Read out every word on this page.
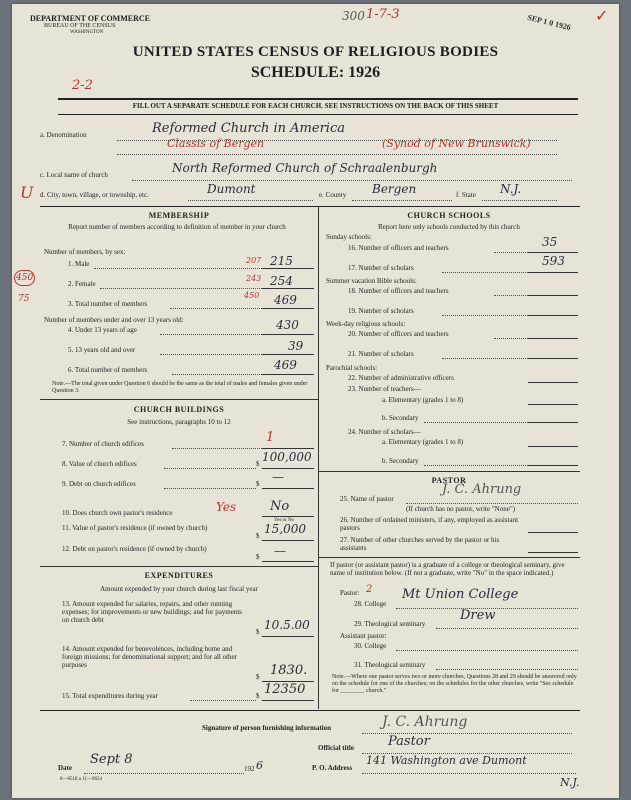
DEPARTMENT OF COMMERCE
BUREAU OF THE CENSUS
WASHINGTON
300 1-7-3	SEP 1 0 1926 ✓
UNITED STATES CENSUS OF RELIGIOUS BODIES
SCHEDULE: 1926
2-2
FILL OUT A SEPARATE SCHEDULE FOR EACH CHURCH. SEE INSTRUCTIONS ON THE BACK OF THIS SHEET
a. Denomination	Reformed Church in America
Classis of Bergen	(Synod of New Brunswick)
c. Local name of church	North Reformed Church of Schraalenburgh
U d. City, town, village, or township, etc.	Dumont	e. County Bergen	f. State N.J.
MEMBERSHIP
Report number of members according to definition of member in your church
Number of members, by sex:
450
75
1. Male	207 215
2. Female
243 254
3. Total number of members
450 469
Number of members under and over 13 years old:
4. Under 13 years of age	430
5. 13 years old and over	39
6. Total number of members	469
Note.—The total given under Question 6 should be the same as the total of males and females given under Question 3.
CHURCH BUILDINGS
See instructions, paragraphs 10 to 12
7. Number of church edifices	1
8. Value of church edifices	$ 100,000
9. Debt on church edifices	$ —
10. Does church own pastor's residence	Yes	No
Yes or No
11. Value of pastor's residence (if owned by church)
$ 15,000
12. Debt on pastor's residence (if owned by church)
$ —
EXPENDITURES
Amount expended by your church during last fiscal year
13. Amount expended for salaries, repairs, and other running expenses; for improvements or new buildings; and for payments on church debt
$ 10.5.00
14. Amount expended for benevolences, including home and foreign missions; for denominational support; and for all other purposes
$ 1830.
15. Total expenditures during year	$ 12350
CHURCH SCHOOLS
Report here only schools conducted by this church
Sunday schools:
16. Number of officers and teachers	35
17. Number of scholars	593
Summer vacation Bible schools:
18. Number of officers and teachers
19. Number of scholars
Week-day religious schools:
20. Number of officers and teachers
21. Number of scholars
Parochial schools:
22. Number of administrative officers
23. Number of teachers—
a. Elementary (grades 1 to 8)
b. Secondary
24. Number of scholars—
a. Elementary (grades 1 to 8)
b. Secondary
PASTOR
25. Name of pastor
J. C. Ahrung
(If church has no pastor, write "None")
26. Number of ordained ministers, if any, employed as assistant pastors
27. Number of other churches served by the pastor or his assistants
If pastor (or assistant pastor) is a graduate of a college or theological seminary, give name of institution below. (If not a graduate, write "No" in the space indicated.)
Pastor: 2
28. College
Mt Union College
29. Theological seminary
Drew
Assistant pastor:
30. College
31. Theological seminary
Note.—Where one pastor serves two or more churches, Questions 28 and 29 should be answered only on the schedule for one of the churches; on the schedules for the other churches, write "See schedule for ________ church."
Signature of person furnishing information	J. C. Ahrung
Official title	Pastor
Date
Sept 8
192 6
8—8518 a 11—9654
P. O. Address
141 Washington ave Dumont
N.J.
